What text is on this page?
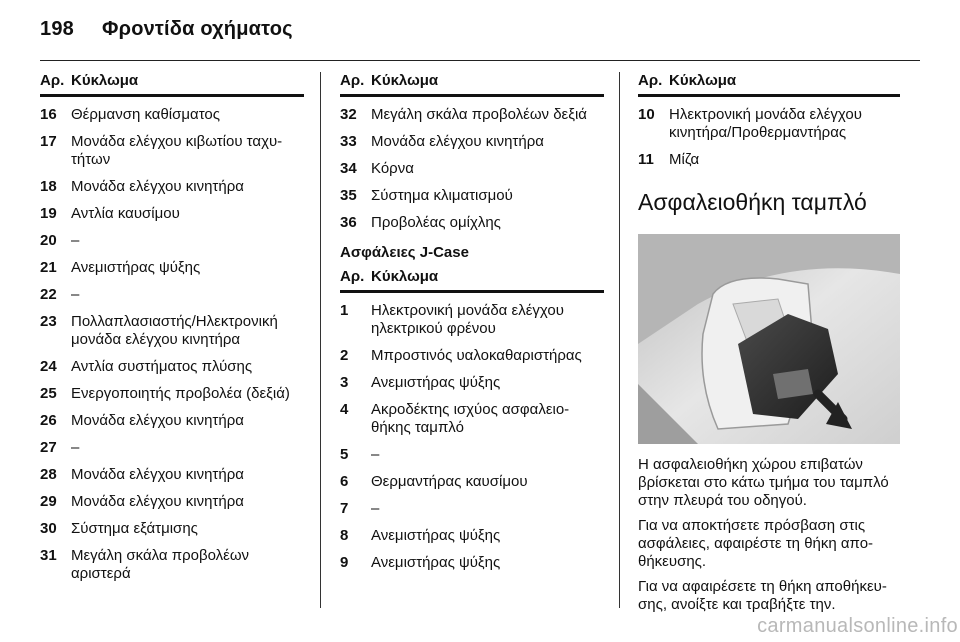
198 Φροντίδα οχήματος
Αρ. Κύκλωμα
16 Θέρμανση καθίσματος
17 Μονάδα ελέγχου κιβωτίου ταχυ-τήτων
18 Μονάδα ελέγχου κινητήρα
19 Αντλία καυσίμου
20 –
21 Ανεμιστήρας ψύξης
22 –
23 Πολλαπλασιαστής/Ηλεκτρονική μονάδα ελέγχου κινητήρα
24 Αντλία συστήματος πλύσης
25 Ενεργοποιητής προβολέα (δεξιά)
26 Μονάδα ελέγχου κινητήρα
27 –
28 Μονάδα ελέγχου κινητήρα
29 Μονάδα ελέγχου κινητήρα
30 Σύστημα εξάτμισης
31 Μεγάλη σκάλα προβολέων αριστερά
Αρ. Κύκλωμα
32 Μεγάλη σκάλα προβολέων δεξιά
33 Μονάδα ελέγχου κινητήρα
34 Κόρνα
35 Σύστημα κλιματισμού
36 Προβολέας ομίχλης
Ασφάλειες J-Case
Αρ. Κύκλωμα
1	Ηλεκτρονική μονάδα ελέγχου ηλεκτρικού φρένου
2	Μπροστινός υαλοκαθαριστήρας
3	Ανεμιστήρας ψύξης
4	Ακροδέκτης ισχύος ασφαλειο-θήκης ταμπλό
5	–
6	Θερμαντήρας καυσίμου
7	–
8	Ανεμιστήρας ψύξης
9	Ανεμιστήρας ψύξης
Αρ. Κύκλωμα
10 Ηλεκτρονική μονάδα ελέγχου κινητήρα/Προθερμαντήρας
11	Μίζα
Ασφαλειοθήκη ταμπλό
Η ασφαλειοθήκη χώρου επιβατών βρίσκεται στο κάτω τμήμα του ταμπλό στην πλευρά του οδηγού.
Για να αποκτήσετε πρόσβαση στις ασφάλειες, αφαιρέστε τη θήκη απο-θήκευσης.
Για να αφαιρέσετε τη θήκη αποθήκευ-σης, ανοίξτε και τραβήξτε την.
carmanualsonline.info
